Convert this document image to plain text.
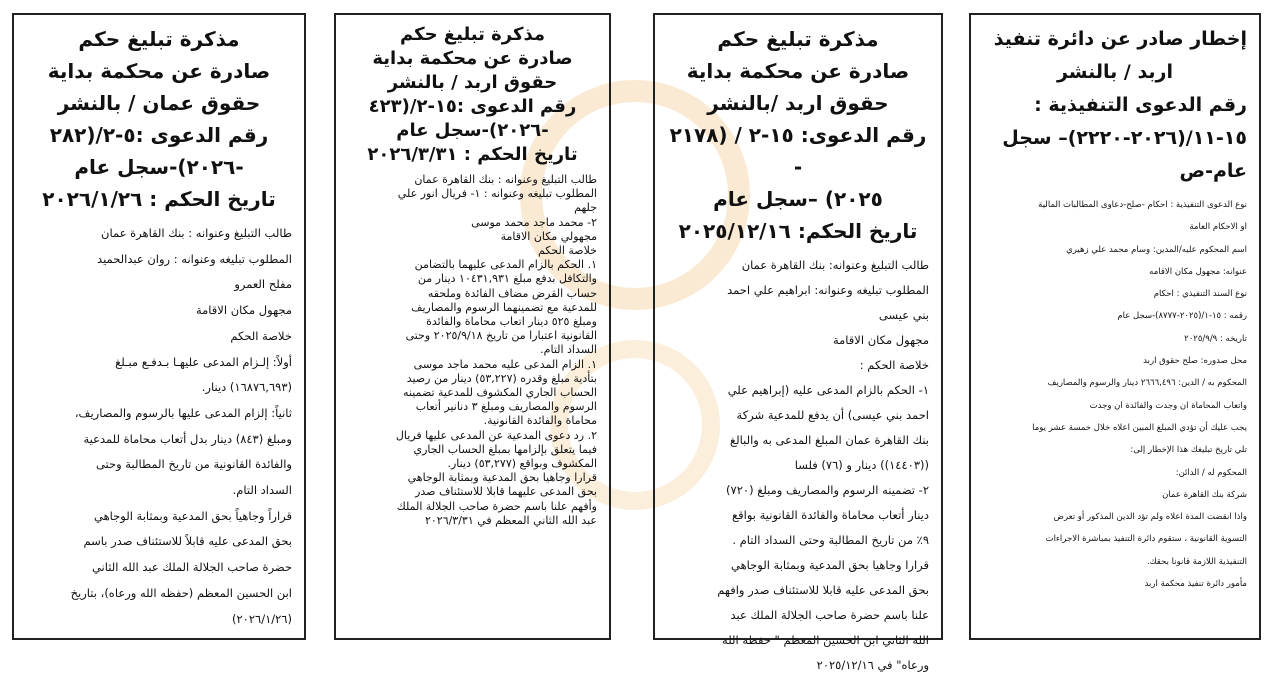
إخطار صادر عن دائرة تنفيذ
اربد / بالنشر
رقم الدعوى التنفيذية :
١٥-١١/(٢٠٢٦-٢٢٢٠)– سجل
عام-ص
نوع الدعوى التنفيذية : احكام -صلح-دعاوى المطالبات المالية
او الاحكام العامة
اسم المحكوم عليه/المدين: وسام محمد علي زهيري
عنوانه: مجهول مكان الاقامه
نوع السند التنفيذي : احكام
رقمه : ١٥-١/(٢٠٢٥-٨٧٧٧)-سجل عام
تاريخه : ٢٠٢٥/٩/٩
محل صدوره: صلح حقوق اربد
المحكوم به / الدين: ٢٦٦٦,٤٩٦ دينار والرسوم والمصاريف
واتعاب المحاماة ان وجدت والفائدة ان وجدت
يجب عليك أن تؤدي المبلغ المبين اعلاه خلال خمسة عشر يوما
تلي تاريخ تبليغك هذا الإخطار إلى:
المحكوم له / الدائن:
شركة بنك القاهرة عمان
واذا انقضت المدة اعلاه ولم تؤد الدين المذكور أو تعرض
التسوية القانونية ، ستقوم دائرة التنفيذ بمباشرة الاجراءات
التنفيذية اللازمة قانونا بحقك.
مأمور دائرة تنفيذ محكمة اربد
مذكرة تبليغ حكم
صادرة عن محكمة بداية
حقوق اربد /بالنشر
رقم الدعوى: ١٥-٢ / (٢١٧٨ -
٢٠٢٥) –سجل عام
تاريخ الحكم: ٢٠٢٥/١٢/١٦
طالب التبليغ وعنوانه: بنك القاهرة عمان
المطلوب تبليغه وعنوانه: ابراهيم علي احمد
بني عيسى
مجهول مكان الاقامة
خلاصة الحكم :
١- الحكم بالزام المدعى عليه (إبراهيم علي
احمد بني عيسى) أن يدفع للمدعية شركة
بنك القاهرة عمان المبلغ المدعى به والبالغ
((١٤٤٠٣)) دينار و (٧٦) فلسا
٢- تضمينه الرسوم والمصاريف ومبلغ (٧٢٠)
دينار أتعاب محاماة والفائدة القانونية بواقع
٩٪ من تاريخ المطالبة وحتى السداد التام .
قرارا وجاهيا بحق المدعية وبمثابة الوجاهي
بحق المدعى عليه قابلا للاستئناف صدر وافهم
علنا باسم حضرة صاحب الجلالة الملك عبد
الله الثاني ابن الحسين المعظم " حفظه الله
ورعاه" في ٢٠٢٥/١٢/١٦
مذكرة تبليغ حكم
صادرة عن محكمة بداية
حقوق اربد / بالنشر
رقم الدعوى :١٥-٢/(٤٢٣
-٢٠٢٦)-سجل عام
تاريخ الحكم : ٢٠٢٦/٣/٣١
طالب التبليغ وعنوانه : بنك القاهرة عمان
المطلوب تبليغه وعنوانه : ١- فريال انور علي
جلهم
٢- محمد ماجد محمد موسى
مجهولي مكان الاقامة
خلاصة الحكم
١. الحكم بالزام المدعى عليهما بالتضامن
والتكافل بدفع مبلغ ١٠٤٣١,٩٣١ دينار من
حساب القرض مضاف الفائدة وملحقه
للمدعية مع تضمينهما الرسوم والمصاريف
ومبلغ ٥٢٥ دينار اتعاب محاماة والفائدة
القانونية اعتبارا من تاريخ ٢٠٢٥/٩/١٨ وحتى
السداد التام.
١. الزام المدعى عليه محمد ماجد موسى
بتأدية مبلغ وقدره (٥٣,٢٢٧) دينار من رصيد
الحساب الجاري المكشوف للمدعية تضمينه
الرسوم والمصاريف ومبلغ ٣ دنانير أتعاب
محاماة والفائدة القانونية.
٢. رد دعوى المدعية عن المدعى عليها فريال
فيما يتعلق بإلزامها بمبلغ الحساب الجاري
المكشوف وبواقع (٥٣,٢٧٧) دينار.
قرارا وجاهيا بحق المدعية وبمثابة الوجاهي
بحق المدعى عليهما قابلا للاستئناف صدر
وأفهم علنا باسم حضرة صاحب الجلالة الملك
عبد الله الثاني المعظم في ٢٠٢٦/٣/٣١
مذكرة تبليغ حكم
صادرة عن محكمة بداية
حقوق عمان / بالنشر
رقم الدعوى :٥-٢/(٢٨٢
-٢٠٢٦)-سجل عام
تاريخ الحكم : ٢٠٢٦/١/٢٦
طالب التبليغ وعنوانه : بنك القاهرة عمان
المطلوب تبليغه وعنوانه : روان عبدالحميد
مفلح العمرو
مجهول مكان الاقامة
خلاصة الحكم
أولاً: إلـزام المدعى عليهـا بـدفـع مبـلغ
(١٦٨٧٦,٦٩٣) دينار.
ثانياً: إلزام المدعى عليها بالرسوم والمصاريف،
ومبلغ (٨٤٣) دينار بدل أتعاب محاماة للمدعية
والفائدة القانونية من تاريخ المطالبة وحتى
السداد التام.
قراراً وجاهياً بحق المدعية وبمثابة الوجاهي
بحق المدعى عليه قابلاً للاستئناف صدر باسم
حضرة صاحب الجلالة الملك عبد الله الثاني
ابن الحسين المعظم (حفظه الله ورعاه)، بتاريخ
(٢٠٢٦/١/٢٦)
